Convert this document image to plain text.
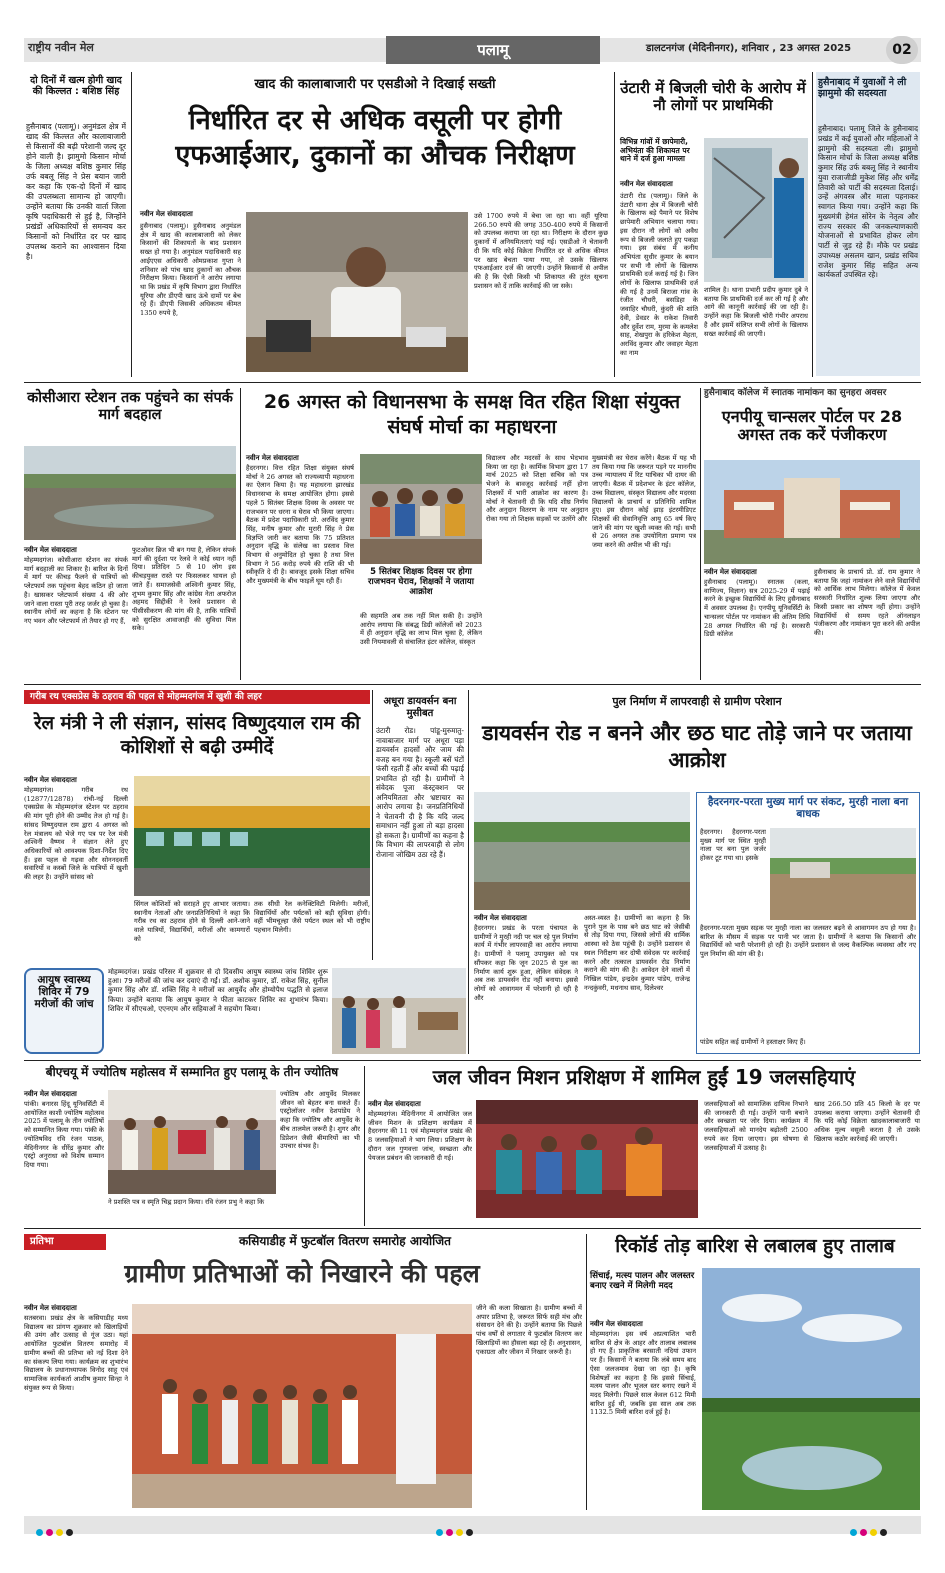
राष्ट्रीय नवीन मेल	पलामू	डालटनगंज (मेदिनीनगर), शनिवार , 23 अगस्त 2025	02
दो दिनों में खत्म होगी खाद की किल्लत : बशिष्ठ सिंह
हुसैनाबाद (पलामू)। अनुमंडल क्षेत्र में खाद की किल्लत और कालाबाजारी से किसानों की बढ़ी परेशानी जल्द दूर होने वाली है। झामुमो किसान मोर्चा के जिला अध्यक्ष बशिष्ठ कुमार सिंह उर्फ बबलू सिंह ने प्रेस बयान जारी कर कहा कि एक-दो दिनों में खाद की उपलब्धता सामान्य हो जाएगी। उन्होंने बताया कि उनकी वार्ता जिला कृषि पदाधिकारी से हुई है, जिन्होंने प्रखंडों अधिकारियों से समन्वय कर किसानों को निर्धारित दर पर खाद उपलब्ध कराने का आश्वासन दिया है।
खाद की कालाबाजारी पर एसडीओ ने दिखाई सख्ती
निर्धारित दर से अधिक वसूली पर होगी एफआईआर, दुकानों का औचक निरीक्षण
नवीन मेल संवाददाता
हुसैनाबाद (पलामू)। हुसैनाबाद अनुमंडल क्षेत्र में खाद की कालाबाजारी को लेकर किसानों की शिकायतों के बाद प्रशासन सख्त हो गया है। अनुमंडल पदाधिकारी सह आईएएस अधिकारी ओमप्रकाश गुप्ता ने शनिवार को पांच खाद दुकानों का औचक निरीक्षण किया। किसानों ने आरोप लगाया था कि प्रखंड में कृषि विभाग द्वारा निर्धारित यूरिया और डीएपी खाद ऊंचे दामों पर बेच रहे हैं। डीएपी जिसकी अधिकतम कीमत 1350 रुपये है,
उसे 1700 रुपये में बेचा जा रहा था। वहीं यूरिया 266.50 रुपये की जगह 350-400 रुपये में किसानों को उपलब्ध कराया जा रहा था। निरीक्षण के दौरान कुछ दुकानों में अनियमितताएं पाई गई। एसडीओ ने चेतावनी दी कि यदि कोई विक्रेता निर्धारित दर से अधिक कीमत पर खाद बेचता पाया गया, तो उसके खिलाफ एफआईआर दर्ज की जाएगी। उन्होंने किसानों से अपील की है कि ऐसी किसी भी शिकायत की तुरंत सूचना प्रशासन को दें ताकि कार्रवाई की जा सके।
उंटारी में बिजली चोरी के आरोप में नौ लोगों पर प्राथमिकी
विभिन्न गांवों में छापेमारी, अभियंता की शिकायत पर थाने में दर्ज हुआ मामला
नवीन मेल संवाददाता
उंटारी रोड (पलामू)। जिले के उंटारी थाना क्षेत्र में बिजली चोरी के खिलाफ बड़े पैमाने पर विशेष छापेमारी अभियान चलाया गया। इस दौरान नौ लोगों को अवैध रूप से बिजली जलाते हुए पकड़ा गया। इस संबंध में कनीय अभियंता सुधीर कुमार के बयान पर सभी नौ लोगों के खिलाफ प्राथमिकी दर्ज कराई गई है। जिन लोगों के खिलाफ प्राथमिकी दर्ज की गई है उनमें बिराजा गांव के रंजीत चौधरी, बसडिहा के जवाहिर चौधरी, कुंदरी की शांति देवी, डेवडर के राकेश तिवारी और दुर्वेश राम, मुरमा के कमलेश साह, शेखपुरा के हरिकेश मेहता, अरविंद कुमार और जवाहर मेहता का नाम
शामिल है। थाना प्रभारी प्रदीप कुमार दुबे ने बताया कि प्राथमिकी दर्ज कर ली गई है और आगे की कानूनी कार्रवाई की जा रही है। उन्होंने कहा कि बिजली चोरी गंभीर अपराध है और इसमें संलिप्त सभी लोगों के खिलाफ सख्त कार्रवाई की जाएगी।
हुसैनाबाद में युवाओं ने ली झामुमो की सदस्यता
हुसैनाबाद। पलामू जिले के हुसैनाबाद प्रखंड में कई युवाओं और महिलाओं ने झामुमो की सदस्यता ली। झामुमो किसान मोर्चा के जिला अध्यक्ष बशिष्ठ कुमार सिंह उर्फ बबलू सिंह ने स्थानीय युवा राजाजीडी मुकेश सिंह और धर्मेंद्र तिवारी को पार्टी की सदस्यता दिलाई। उन्हें अंगवस्त्र और माला पहनाकर स्वागत किया गया। उन्होंने कहा कि मुख्यमंत्री हेमंत सोरेन के नेतृत्व और राज्य सरकार की जनकल्याणकारी योजनाओं से प्रभावित होकर लोग पार्टी से जुड़ रहे हैं। मौके पर प्रखंड उपाध्यक्ष असलम खान, प्रखंड सचिव राजेश कुमार सिंह सहित अन्य कार्यकर्ता उपस्थित रहे।
कोसीआरा स्टेशन तक पहुंचने का संपर्क मार्ग बदहाल
नवीन मेल संवाददाता
मोहम्मदगंज। कोसीआरा स्टेशन का संपर्क मार्ग बदहाली का शिकार है। बारिश के दिनों में मार्ग पर कीचड़ फैलने से यात्रियों को प्लेटफार्म तक पहुंचना बेहद कठिन हो जाता है। खासकर प्लेटफार्म संख्या 4 की ओर जाने वाला रास्ता पूरी तरह जर्जर हो चुका है। स्थानीय लोगों का कहना है कि स्टेशन पर नए भवन और प्लेटफार्म तो तैयार हो गए हैं,
फुटओवर ब्रिज भी बन गया है, लेकिन संपर्क मार्ग की दुर्दशा पर रेलवे ने कोई ध्यान नहीं दिया। प्रतिदिन 5 से 10 लोग इस कीचड़युक्त रास्ते पर फिसलकर घायल हो जाते हैं। समाजसेवी अश्विनी कुमार सिंह, शुभम कुमार सिंह और कांग्रेस नेता अफरोज अहमद सिद्दीकी ने रेलवे प्रशासन से पीसीसीकरण की मांग की है, ताकि यात्रियों को सुरक्षित आवाजाही की सुविधा मिल सके।
26 अगस्त को विधानसभा के समक्ष वित रहित शिक्षा संयुक्त संघर्ष मोर्चा का महाधरना
नवीन मेल संवाददाता
हैदरनगर। वित्त रहित शिक्षा संयुक्त संघर्ष मोर्चा ने 26 अगस्त को राज्यव्यापी महाधरना का ऐलान किया है। यह महाधरना झारखंड विधानसभा के समक्ष आयोजित होगा। इससे पहले 5 सितंबर शिक्षक दिवस के अवसर पर राजभवन पर धरना व घेराव भी किया जाएगा। बैठक में प्रदेश पदाधिकारी प्रो. अरविंद कुमार सिंह, मनीष कुमार और मुरारी सिंह ने प्रेस विज्ञप्ति जारी कर बताया कि 75 प्रतिशत अनुदान वृद्धि के संलेख का प्रस्ताव वित्त विभाग से अनुमोदित हो चुका है तथा वित्त विभाग ने 56 करोड़ रुपये की राशि की भी स्वीकृति दे दी है। बावजूद इसके शिक्षा सचिव और मुख्यमंत्री के बीच फाइलें घूम रही हैं।
5 सितंबर शिक्षक दिवस पर होगा राजभवन घेराव, शिक्षकों ने जताया आक्रोश
की सहमति अब तक नहीं मिल सकी है। उन्होंने आरोप लगाया कि संबद्ध डिग्री कॉलेजों को 2023 में ही अनुदान वृद्धि का लाभ मिल चुका है, लेकिन उसी नियमावली से संचालित इंटर कॉलेज, संस्कृत
विद्यालय और मदरसों के साथ भेदभाव किया जा रहा है। कार्मिक विभाग द्वारा 17 मार्च 2025 को शिक्षा सचिव को पत्र भेजने के बावजूद कार्रवाई नहीं होना शिक्षकों में भारी आक्रोश का कारण है। मोर्चा ने चेतावनी दी कि यदि शीघ्र निर्णय और अनुदान वितरण के नाम पर अनुदान रोका गया तो शिक्षक सड़कों पर उतरेंगे और
मुख्यमंत्री का घेराव करेंगे। बैठक में यह भी तय किया गया कि जरूरत पड़ने पर माननीय उच्च न्यायालय में रिट याचिका भी दायर की जाएगी। बैठक में प्रदेशभर के इंटर कॉलेज, उच्च विद्यालय, संस्कृत विद्यालय और मदरसा विद्यालयों के प्राचार्य व प्रतिनिधि शामिल हुए। इस दौरान कोई झाड़ इंटरमीडिएट शिक्षकों की सेवानिवृत्ति आयु 65 वर्ष किए जाने की मांग पर खुशी व्यक्त की गई। सभी से 26 अगस्त तक उपयोगिता प्रमाण पत्र जमा करने की अपील भी की गई।
हुसैनाबाद कॉलेज में स्नातक नामांकन का सुनहरा अवसर
एनपीयू चान्सलर पोर्टल पर 28 अगस्त तक करें पंजीकरण
नवीन मेल संवाददाता
हुसैनाबाद (पलामू)। स्नातक (कला, वाणिज्य, विज्ञान) सत्र 2025-29 में पढ़ाई करने के इच्छुक विद्यार्थियों के लिए हुसैनाबाद में अवसर उपलब्ध है। एनपीयू यूनिवर्सिटी के चान्सलर पोर्टल पर नामांकन की अंतिम तिथि 28 अगस्त निर्धारित की गई है। सरकारी डिग्री कॉलेज
हुसैनाबाद के प्राचार्य प्रो. डॉ. राम कुमार ने बताया कि जहां नामांकन लेने वाले विद्यार्थियों को आर्थिक लाभ मिलेगा। कॉलेज में केवल सरकारी निर्धारित शुल्क लिया जाएगा और किसी प्रकार का शोषण नहीं होगा। उन्होंने विद्यार्थियों से समय रहते ऑनलाइन पंजीकरण और नामांकन पूरा करने की अपील की।
गरीब रथ एक्सप्रेस के ठहराव की पहल से मोहम्मदगंज में खुशी की लहर
रेल मंत्री ने ली संज्ञान, सांसद विष्णुदयाल राम की कोशिशों से बढ़ी उम्मीदें
नवीन मेल संवाददाता
मोहम्मदगंज। गरीब रथ (12877/12878) रांची-नई दिल्ली एक्सप्रेस के मोहम्मदगंज स्टेशन पर ठहराव की मांग पूरी होने की उम्मीद तेज हो गई है। सांसद विष्णुदयाल राम द्वारा 4 अगस्त को रेल मंत्रालय को भेजे गए पत्र पर रेल मंत्री अश्विनी वैष्णव ने संज्ञान लेते हुए अधिकारियों को आवश्यक दिशा-निर्देश दिए हैं। इस पहल से गढ़वा और सोननदवर्ती सवारियों व कस्बों जिले के यात्रियों में खुशी की लहर है। उन्होंने सांसद को
सिंगल कोशिशों को सराहते हुए आभार जताया। स्थानीय नेताओं और जनप्रतिनिधियों ने कहा कि गरीब रथ का ठहराव होने से दिल्ली आने-जाने वाले यात्रियों, विद्यार्थियों, मरीजों और कामगारों को
तक सीधी रेल कनेक्टिविटी मिलेगी। मरीजों, विद्यार्थियों और पर्यटकों को बड़ी सुविधा होगी। वहीं भीमचूल्हा जैसे पर्यटन स्थल को भी राष्ट्रीय पहचान मिलेगी।
आयुष स्वास्थ्य शिविर में 79 मरीजों की जांच
मोहम्मदगंज। प्रखंड परिसर में शुक्रवार से दो दिवसीय आयुष स्वास्थ्य जांच शिविर शुरू हुआ। 79 मरीजों की जांच कर दवाएं दी गईं। डॉ. अशोक कुमार, डॉ. राकेश सिंह, सुनील कुमार सिंह और डॉ. शक्ति सिंह ने मरीजों का आयुर्वेद और होम्योपैथ पद्धति से इलाज किया। उन्होंने बताया कि आयुष कुमार ने फीता काटकर शिविर का शुभारंभ किया। शिविर में सीएचओ, एएनएम और सहियाओं ने सहयोग किया।
अधूरा डायवर्सन बना मुसीबत
उंटारी रोड। पांडू-मुरुमातु-नावाबाजार मार्ग पर अधूरा पड़ा डायवर्सन हादसों और जाम की वजह बन गया है। स्कूली बसें घंटों फंसी रहती हैं और बच्चों की पढ़ाई प्रभावित हो रही है। ग्रामीणों ने संवेदक पूजा कंस्ट्रक्शन पर अनियमितता और भ्रष्टाचार का आरोप लगाया है। जनप्रतिनिधियों ने चेतावनी दी है कि यदि जल्द समाधान नहीं हुआ तो बड़ा हादसा हो सकता है। ग्रामीणों का कहना है कि विभाग की लापरवाही से लोग रोजाना जोखिम उठा रहे हैं।
पुल निर्माण में लापरवाही से ग्रामीण परेशान
डायवर्सन रोड न बनने और छठ घाट तोड़े जाने पर जताया आक्रोश
नवीन मेल संवाददाता
हैदरनगर। प्रखंड के परता पंचायत के ग्रामीणों ने मुरही नदी पर चल रहे पुल निर्माण कार्य में गंभीर लापरवाही का आरोप लगाया है। ग्रामीणों ने पलामू उपायुक्त को पत्र सौंपकर कहा कि जून 2025 से पुल का निर्माण कार्य शुरू हुआ, लेकिन संवेदक ने अब तक डायवर्सन रोड नहीं बनाया। इससे लोगों को आवागमन में परेशानी हो रही है और
अस्त-व्यस्त है। ग्रामीणों का कहना है कि पुराने पुल के पास बने छठ घाट को जेसीबी से तोड़ दिया गया, जिससे लोगों की धार्मिक आस्था को ठेस पहुंची है। उन्होंने प्रशासन से स्थल निरीक्षण कर दोषी संवेदक पर कार्रवाई करने और तत्काल डायवर्सन रोड निर्माण कराने की मांग की है। आवेदन देने वालों में निखिल पांडेय, इन्द्रदेव कुमार पांडेय, राजेन्द्र नन्दकुंवरी, मधनाथ साव, दिलेश्वर
हैदरनगर-परता मुख्य मार्ग पर संकट, मुरही नाला बना बाधक
हैदरनगर। हैदरनगर-परता मुख्य मार्ग पर स्थित मुरही नाला पर बना पुल जर्जर होकर टूट गया था। इसके
हैदरनगर-परता मुख्य सड़क पर मुरही नाला का जलस्तर बढ़ने से आवागमन ठप हो गया है। बारिश के मौसम में सड़क पर पानी भर जाता है। ग्रामीणों ने बताया कि किसानों और विद्यार्थियों को भारी परेशानी हो रही है। उन्होंने प्रशासन से जल्द वैकल्पिक व्यवस्था और नए पुल निर्माण की मांग की है।
पांडेय सहित कई ग्रामीणों ने हस्ताक्षर किए हैं।
बीएचयू में ज्योतिष महोत्सव में सम्मानित हुए पलामू के तीन ज्योतिष
नवीन मेल संवाददाता
पांकी। बनारस हिंदू यूनिवर्सिटी में आयोजित काशी ज्योतिष महोत्सव 2025 में पलामू के तीन ज्योतिषों को सम्मानित किया गया। पांकी के ज्योतिषविद रवि रंजन पाठक, मेदिनीनगर के धीरेंद्र कुमार और एस्ट्रो अनुराधा को विशेष सम्मान दिया गया।
ने प्रशस्ति पत्र व स्मृति चिह्न प्रदान किया। रवि रंजन प्रभु ने कहा कि
ज्योतिष और आयुर्वेद मिलकर जीवन को बेहतर बना सकते हैं। एस्ट्रोलॉजर नवीन देशपांडेय ने कहा कि ज्योतिष और आयुर्वेद के बीच तालमेल जरूरी है। शुगर और डिप्रेशन जैसी बीमारियों का भी उपचार संभव है।
जल जीवन मिशन प्रशिक्षण में शामिल हुईं 19 जलसहियाएं
नवीन मेल संवाददाता
मोहम्मदगंज। मेदिनीनगर में आयोजित जल जीवन मिशन के प्रशिक्षण कार्यक्रम में हैदरनगर की 11 एवं मोहम्मदगंज प्रखंड की 8 जलसहियाओं ने भाग लिया। प्रशिक्षण के दौरान जल गुणवत्ता जांच, स्वच्छता और पेयजल प्रबंधन की जानकारी दी गई।
जलसहियाओं को सामाजिक दायित्व निभाने की जानकारी दी गई। उन्होंने पानी बचाने और स्वच्छता पर जोर दिया। कार्यक्रम में जलसहियाओं को मानदेय बढ़ोतरी 2500 रुपये कर दिया जाएगा। इस घोषणा से जलसहियाओं में उत्साह है।
खाद 266.50 प्रति 45 किलो के दर पर उपलब्ध कराया जाएगा। उन्होंने चेतावनी दी कि यदि कोई विक्रेता खादकालाबाजारी या अधिक मूल्य वसूली करता है तो उसके खिलाफ कठोर कार्रवाई की जाएगी।
प्रतिभा	कसियाडीह में फुटबॉल वितरण समारोह आयोजित
ग्रामीण प्रतिभाओं को निखारने की पहल
नवीन मेल संवाददाता
सतबरवा। प्रखंड क्षेत्र के कसियाडीह मध्य विद्यालय का प्रांगण शुक्रवार को खिलाड़ियों की उमंग और उत्साह से गूंज उठा। यहां आयोजित फुटबॉल वितरण समारोह में ग्रामीण बच्चों की प्रतिभा को नई दिशा देने का संकल्प लिया गया। कार्यक्रम का शुभारंभ विद्यालय के प्रधानाध्यापक विनोद साहू एवं सामाजिक कार्यकर्ता आशीष कुमार सिन्हा ने संयुक्त रूप से किया।
जीने की कला सिखाता है। ग्रामीण बच्चों में अपार प्रतिभा है, जरूरत सिर्फ सही मंच और संसाधन देने की है। उन्होंने बताया कि पिछले पांच वर्षों से लगातार ये फुटबॉल वितरण कर खिलाड़ियों का हौसला बढ़ा रहे हैं। अनुशासन, एकाग्रता और जीवन में निखार जरूरी है।
रिकॉर्ड तोड़ बारिश से लबालब हुए तालाब
सिंचाई, मत्स्य पालन और जलस्तर बनाए रखने में मिलेगी मदद
नवीन मेल संवाददाता
मोहम्मदगंज। इस वर्ष अप्रत्याशित भारी बारिश से क्षेत्र के आहर और तालाब लबालब हो गए हैं। प्राकृतिक बरसाती नदियां उफान पर हैं। किसानों ने बताया कि लंबे समय बाद ऐसा जलजमाव देखा जा रहा है। कृषि विशेषज्ञों का कहना है कि इससे सिंचाई, मत्स्य पालन और भूजल स्तर बनाए रखने में मदद मिलेगी। पिछले साल केवल 612 मिमी बारिश हुई थी, जबकि इस साल अब तक 1132.5 मिमी बारिश दर्ज हुई है।
